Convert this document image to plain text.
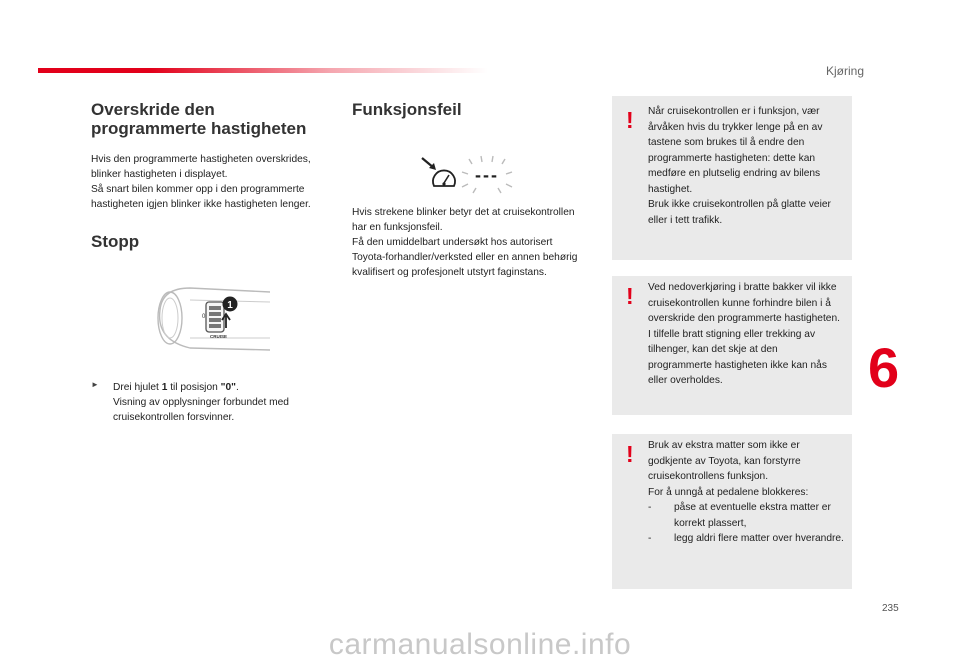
Kjøring
Overskride den programmerte hastigheten

Hvis den programmerte hastigheten overskrides, blinker hastigheten i displayet.
Så snart bilen kommer opp i den programmerte hastigheten igjen blinker ikke hastigheten lenger.

Stopp
1
0
CRUISE
►	Drei hjulet 1 til posisjon "0".
Visning av opplysninger forbundet med cruisekontrollen forsvinner.

Funksjonsfeil
---

Hvis strekene blinker betyr det at cruisekontrollen har en funksjonsfeil.
Få den umiddelbart undersøkt hos autorisert Toyota-forhandler/verksted eller en annen behørig kvalifisert og profesjonelt utstyrt faginstans.

! Når cruisekontrollen er i funksjon, vær årvåken hvis du trykker lenge på en av tastene som brukes til å endre den programmerte hastigheten: dette kan medføre en plutselig endring av bilens hastighet.
Bruk ikke cruisekontrollen på glatte veier eller i tett trafikk.
! Ved nedoverkjøring i bratte bakker vil ikke cruisekontrollen kunne forhindre bilen i å overskride den programmerte hastigheten.
I tilfelle bratt stigning eller trekking av tilhenger, kan det skje at den programmerte hastigheten ikke kan nås eller overholdes.
! Bruk av ekstra matter som ikke er godkjente av Toyota, kan forstyrre cruisekontrollens funksjon.
For å unngå at pedalene blokkeres:
- påse at eventuelle ekstra matter er korrekt plassert,
- legg aldri flere matter over hverandre.
6
235
carmanualsonline.info
